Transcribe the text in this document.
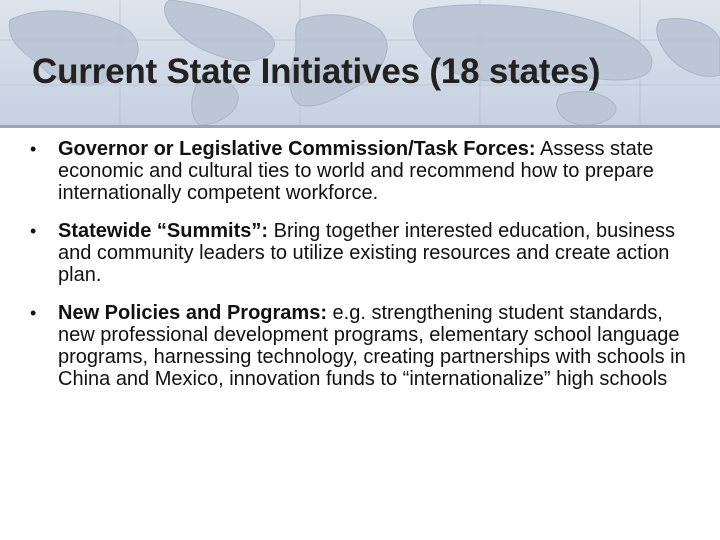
Current State Initiatives (18 states)
• Governor or Legislative Commission/Task Forces: Assess state economic and cultural ties to world and recommend how to prepare internationally competent workforce.
• Statewide “Summits”: Bring together interested education, business and community leaders to utilize existing resources and create action plan.
• New Policies and Programs: e.g. strengthening student standards, new professional development programs, elementary school language programs, harnessing technology, creating partnerships with schools in China and Mexico, innovation funds to “internationalize” high schools
